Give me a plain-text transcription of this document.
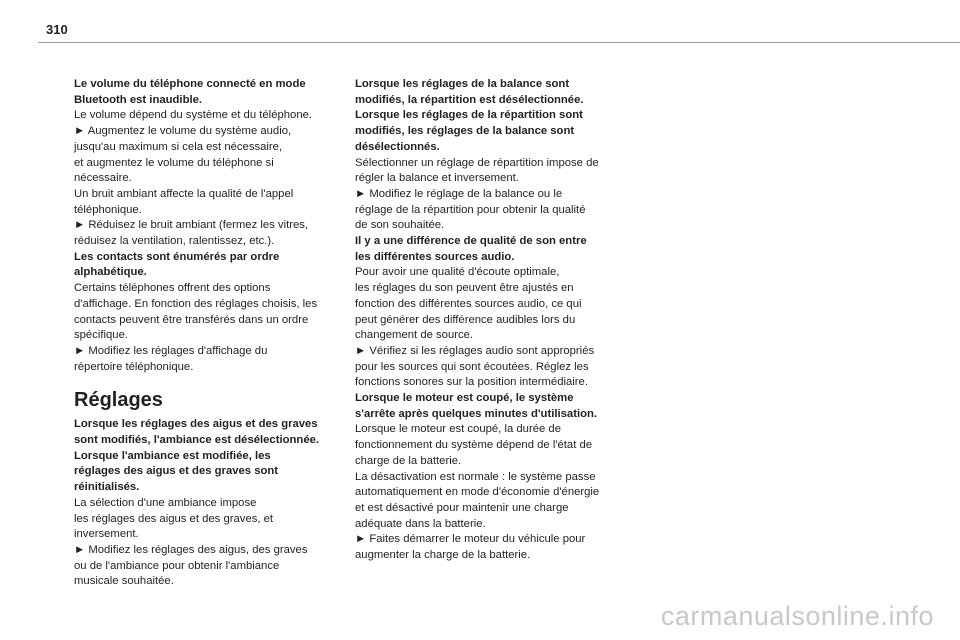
310

Le volume du téléphone connecté en mode
Bluetooth est inaudible.

Le volume dépend du système et du téléphone.

► Augmentez le volume du système audio,
jusqu'au maximum si cela est nécessaire,
et augmentez le volume du téléphone si
nécessaire.

Un bruit ambiant affecte la qualité de l'appel
téléphonique.

► Réduisez le bruit ambiant (fermez les vitres,
réduisez la ventilation, ralentissez, etc.).

Les contacts sont énumérés par ordre
alphabétique.

Certains téléphones offrent des options
d'affichage. En fonction des réglages choisis, les
contacts peuvent être transférés dans un ordre
spécifique.

► Modifiez les réglages d'affichage du
répertoire téléphonique.

Réglages

Lorsque les réglages des aigus et des graves
sont modifiés, l'ambiance est désélectionnée.
Lorsque l'ambiance est modifiée, les
réglages des aigus et des graves sont
réinitialisés.

La sélection d'une ambiance impose
les réglages des aigus et des graves, et
inversement.

► Modifiez les réglages des aigus, des graves
ou de l'ambiance pour obtenir l'ambiance
musicale souhaitée.

Lorsque les réglages de la balance sont
modifiés, la répartition est désélectionnée.
Lorsque les réglages de la répartition sont
modifiés, les réglages de la balance sont
désélectionnés.

Sélectionner un réglage de répartition impose de
régler la balance et inversement.

► Modifiez le réglage de la balance ou le
réglage de la répartition pour obtenir la qualité
de son souhaitée.

Il y a une différence de qualité de son entre
les différentes sources audio.

Pour avoir une qualité d'écoute optimale,
les réglages du son peuvent être ajustés en
fonction des différentes sources audio, ce qui
peut générer des différence audibles lors du
changement de source.

► Vérifiez si les réglages audio sont appropriés
pour les sources qui sont écoutées. Réglez les
fonctions sonores sur la position intermédiaire.

Lorsque le moteur est coupé, le système
s'arrête après quelques minutes d'utilisation.

Lorsque le moteur est coupé, la durée de
fonctionnement du système dépend de l'état de
charge de la batterie.

La désactivation est normale : le système passe
automatiquement en mode d'économie d'énergie
et est désactivé pour maintenir une charge
adéquate dans la batterie.

► Faites démarrer le moteur du véhicule pour
augmenter la charge de la batterie.

carmanualsonline.info
